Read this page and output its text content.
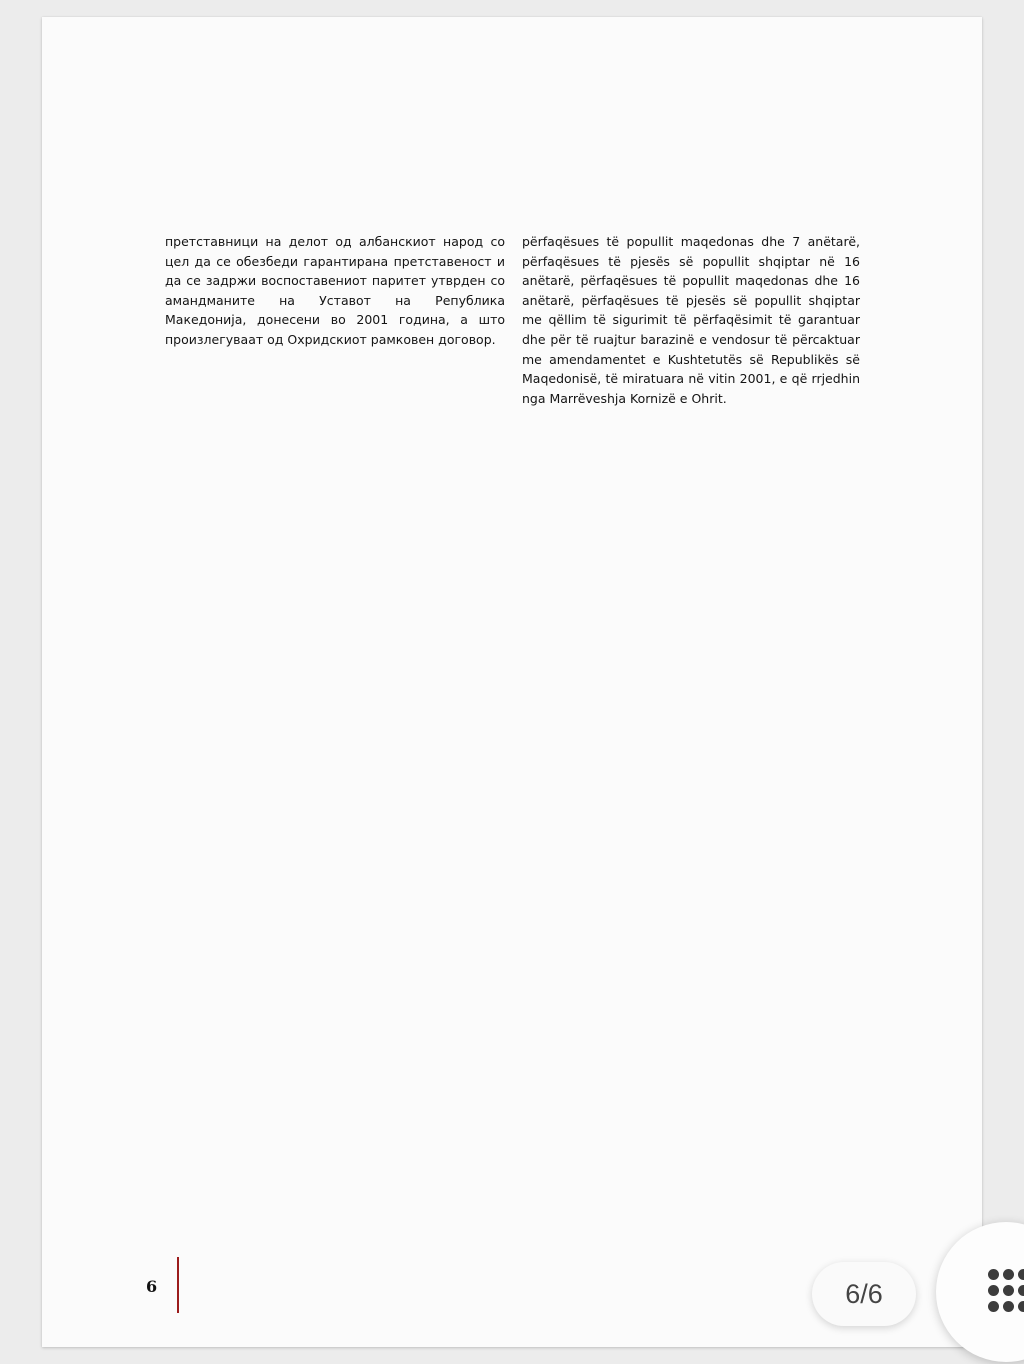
претставници на делот од албанскиот народ со цел да се обезбеди гарантирана претставеност и да се задржи воспоставениот паритет утврден со амандманите на Уставот на Република Македонија, донесени во 2001 година, а што произлегуваат од Охридскиот рамковен договор.

përfaqësues të popullit maqedonas dhe 7 anëtarë, përfaqësues të pjesës së popullit shqiptar në 16 anëtarë, përfaqësues të popullit maqedonas dhe 16 anëtarë, përfaqësues të pjesës së popullit shqiptar me qëllim të sigurimit të përfaqësimit të garantuar dhe për të ruajtur barazinë e vendosur të përcaktuar me amendamentet e Kushtetutës së Republikës së Maqedonisë, të miratuara në vitin 2001, e që rrjedhin nga Marrëveshja Kornizë e Ohrit.

6	6/6
